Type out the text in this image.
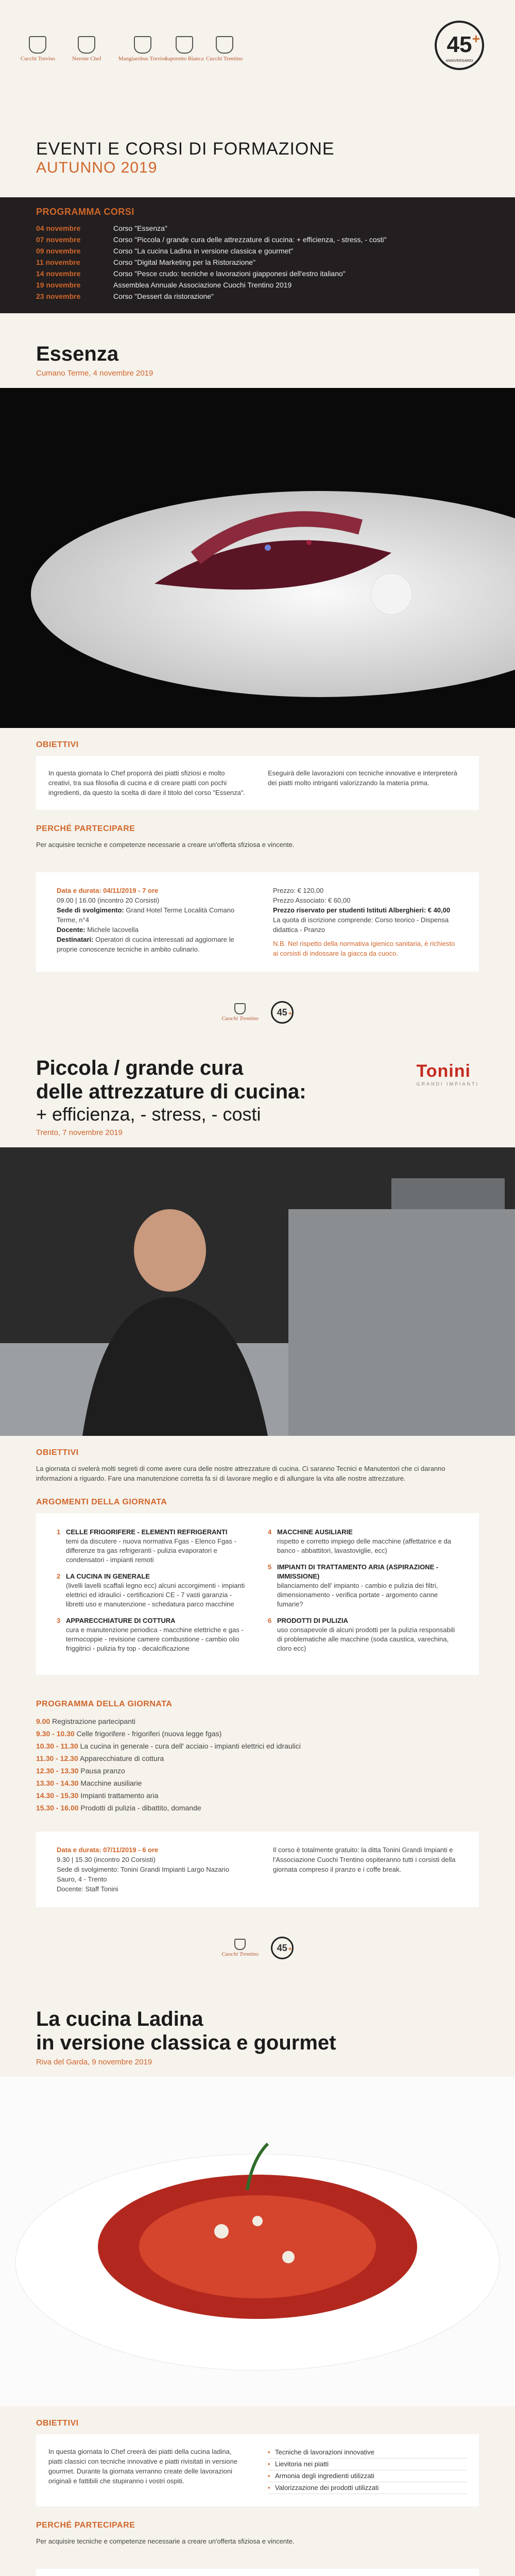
Cucchi Treviso	Nerone Chef	Mangiarobus Treviso
Saporetto Bianca Cucchi Trentino
45 +
ANNIVERSARIO
EVENTI E CORSI DI FORMAZIONE
AUTUNNO 2019
PROGRAMMA CORSI
04 novembre	Corso "Essenza"
07 novembre	Corso "Piccola / grande cura delle attrezzature di cucina: + efficienza, - stress, - costi"
09 novembre	Corso "La cucina Ladina in versione classica e gourmet"
11 novembre	Corso "Digital Marketing per la Ristorazione"
14 novembre	Corso "Pesce crudo: tecniche e lavorazioni giapponesi dell'estro italiano"
19 novembre	Assemblea Annuale Associazione Cuochi Trentino 2019
23 novembre	Corso "Dessert da ristorazione"
Essenza
Cumano Terme, 4 novembre 2019
OBIETTIVI
In questa giornata lo Chef proporrà dei piatti sfiziosi e molto creativi, tra sua filosofia di cucina e di creare piatti con pochi ingredienti, da questo la scelta di dare il titolo del corso "Essenza".
Eseguirà delle lavorazioni con tecniche innovative e interpreterà dei piatti molto intriganti valorizzando la materia prima.
PERCHÉ PARTECIPARE
Per acquisire tecniche e competenze necessarie a creare un'offerta sfiziosa e vincente.
Data e durata: 04/11/2019 - 7 ore
09.00 | 16.00 (incontro 20 Corsisti)
Sede di svolgimento: Grand Hotel Terme Località Comano Terme, n°4
Docente: Michele Iacovella
Destinatari: Operatori di cucina interessati ad aggiornare le proprie conoscenze tecniche in ambito culinario.
Prezzo: € 120,00
Prezzo Associato: € 60,00
Prezzo riservato per studenti Istituti Alberghieri: € 40,00
La quota di iscrizione comprende: Corso teorico - Dispensa didattica - Pranzo
N.B. Nel rispetto della normativa igienico sanitaria, è richiesto ai corsisti di indossare la giacca da cuoco.
Cuochi Trentino
45 +
Piccola / grande cura
delle attrezzature di cucina:
+ efficienza, - stress, - costi
Trento, 7 novembre 2019
Tonini
GRANDI IMPIANTI
OBIETTIVI
La giornata ci svelerà molti segreti di come avere cura delle nostre attrezzature di cucina. Ci saranno Tecnici e Manutentori che ci daranno informazioni a riguardo. Fare una manutenzione corretta fa sì di lavorare meglio e di allungare la vita alle nostre attrezzature.
ARGOMENTI DELLA GIORNATA
1 CELLE FRIGORIFERE - ELEMENTI REFRIGERANTI
temi da discutere - nuova normativa Fgas - Elenco Fgas - differenze tra gas refrigeranti - pulizia evaporatori e condensatori - impianti remoti
2 LA CUCINA IN GENERALE
(livelli lavelli scaffali legno ecc) alcuni accorgimenti - impianti elettrici ed idraulici - certificazioni CE - 7 vasti garanzia - libretti uso e manutenzione - schedatura parco macchine
3 APPARECCHIATURE DI COTTURA
cura e manutenzione periodica - macchine elettriche e gas - termocoppie - revisione camere combustione - cambio olio friggitrici - pulizia fry top - decalcificazione
4 MACCHINE AUSILIARIE
rispetto e corretto impiego delle macchine (affettatrice e da banco - abbattitori, lavastoviglie, ecc)
5 IMPIANTI DI TRATTAMENTO ARIA (ASPIRAZIONE - IMMISSIONE)
bilanciamento dell' impianto - cambio e pulizia dei filtri, dimensionamento - verifica portate - argomento canne fumarie?
6 PRODOTTI DI PULIZIA
uso consapevole di alcuni prodotti per la pulizia responsabili di problematiche alle macchine (soda caustica, varechina, cloro ecc)
PROGRAMMA DELLA GIORNATA
9.00 Registrazione partecipanti
9.30 - 10.30 Celle frigorifere - frigoriferi (nuova legge fgas)
10.30 - 11.30 La cucina in generale - cura dell' acciaio - impianti elettrici ed idraulici
11.30 - 12.30 Apparecchiature di cottura
12.30 - 13.30 Pausa pranzo
13.30 - 14.30 Macchine ausiliarie
14.30 - 15.30 Impianti trattamento aria
15.30 - 16.00 Prodotti di pulizia - dibattito, domande
Data e durata: 07/11/2019 - 6 ore
9.30 | 15.30 (incontro 20 Corsisti)
Sede di svolgimento: Tonini Grandi Impianti Largo Nazario Sauro, 4 - Trento
Docente: Staff Tonini
Il corso è totalmente gratuito: la ditta Tonini Grandi Impianti e l'Associazione Cuochi Trentino ospiteranno tutti i corsisti della giornata compreso il pranzo e i coffe break.
Cuochi Trentino
45 +
La cucina Ladina
in versione classica e gourmet
Riva del Garda, 9 novembre 2019
OBIETTIVI
In questa giornata lo Chef creerà dei piatti della cucina ladina, piatti classici con tecniche innovative e piatti rivisitati in versione gourmet. Durante la giornata verranno create delle lavorazioni originali e fattibili che stupiranno i vostri ospiti.
• Tecniche di lavorazioni innovative
• Lievitoria nei piatti
• Armonia degli ingredienti utilizzati
• Valorizzazione dei prodotti utilizzati
PERCHÉ PARTECIPARE
Per acquisire tecniche e competenze necessarie a creare un'offerta sfiziosa e vincente.
